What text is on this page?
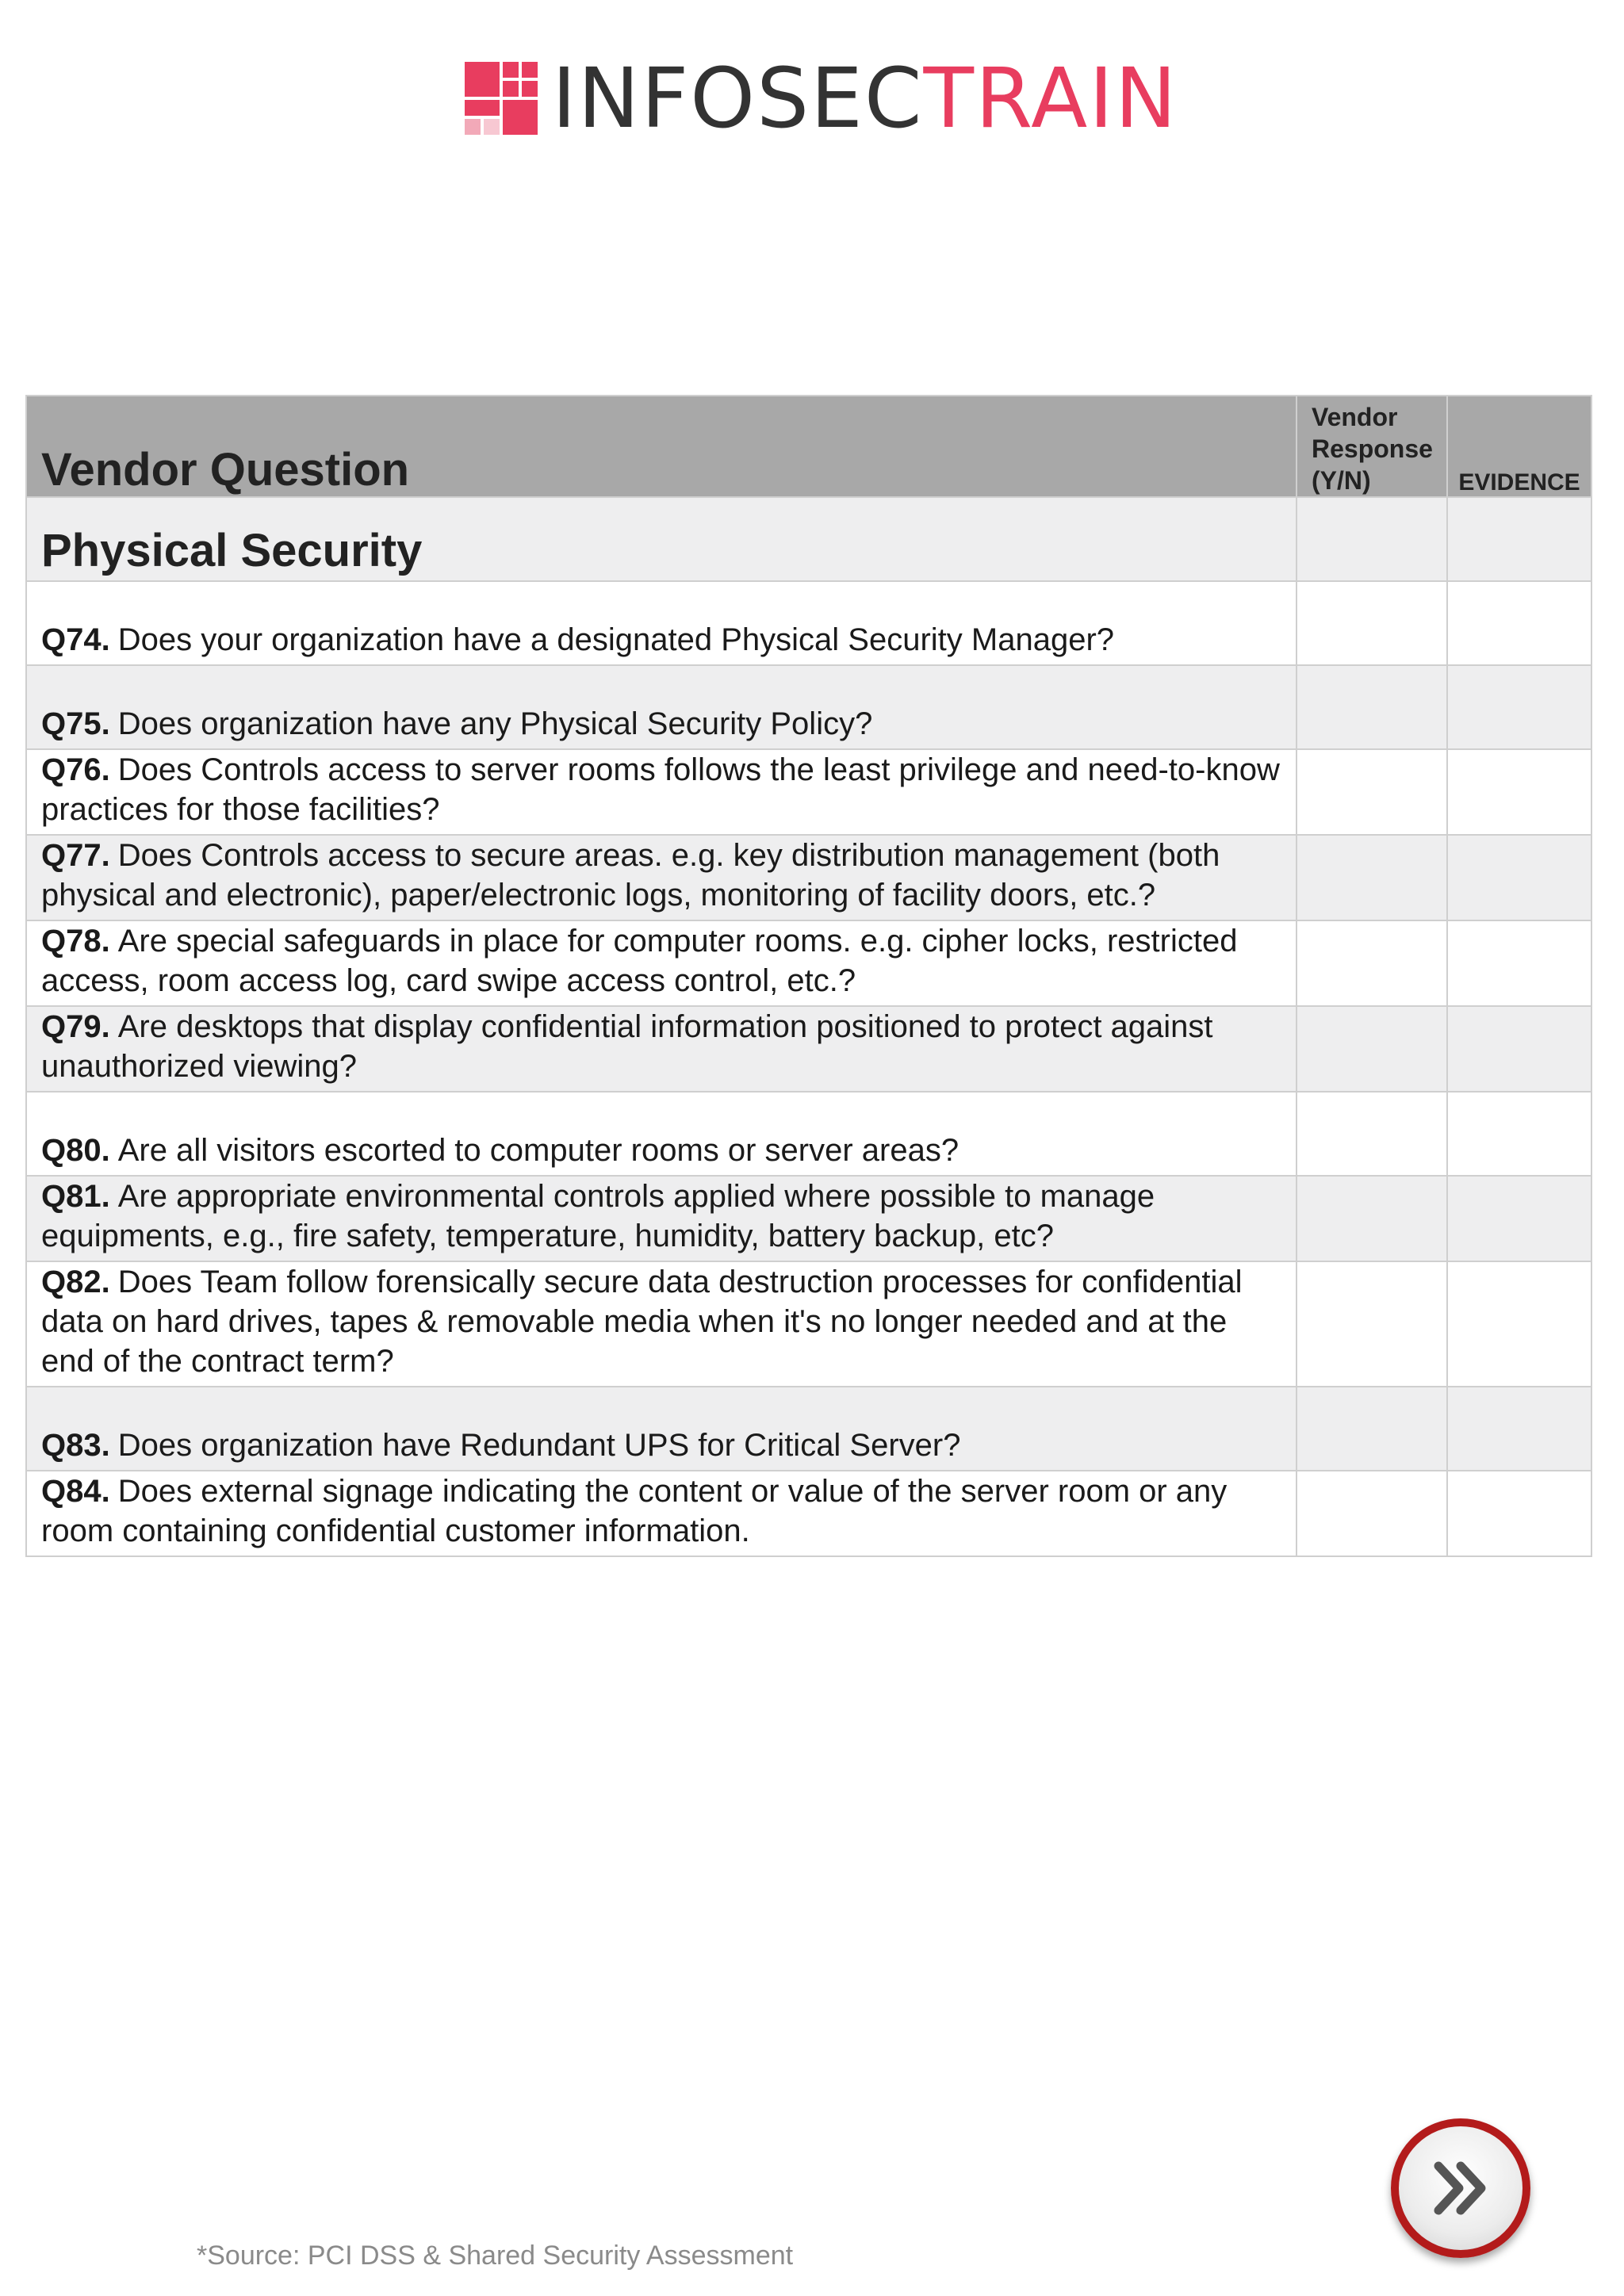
INFOSECTRAIN
Vendor Question	Vendor Response (Y/N)	EVIDENCE

Physical Security		

Q74. Does your organization have a designated Physical Security Manager?		

Q75. Does organization have any Physical Security Policy?		

Q76. Does Controls access to server rooms follows the least privilege and need-to-know practices for those facilities?		

Q77. Does Controls access to secure areas. e.g. key distribution management (both physical and electronic), paper/electronic logs, monitoring of facility doors, etc.?		

Q78. Are special safeguards in place for computer rooms. e.g. cipher locks, restricted access, room access log, card swipe access control, etc.?		

Q79. Are desktops that display confidential information positioned to protect against unauthorized viewing?		

Q80. Are all visitors escorted to computer rooms or server areas?		

Q81. Are appropriate environmental controls applied where possible to manage equipments, e.g., fire safety, temperature, humidity, battery backup, etc?		

Q82. Does Team follow forensically secure data destruction processes for confidential data on hard drives, tapes & removable media when it's no longer needed and at the end of the contract term?		

Q83. Does organization have Redundant UPS for Critical Server?		

Q84. Does external signage indicating the content or value of the server room or any room containing confidential customer information.		

*Source: PCI DSS & Shared Security Assessment
